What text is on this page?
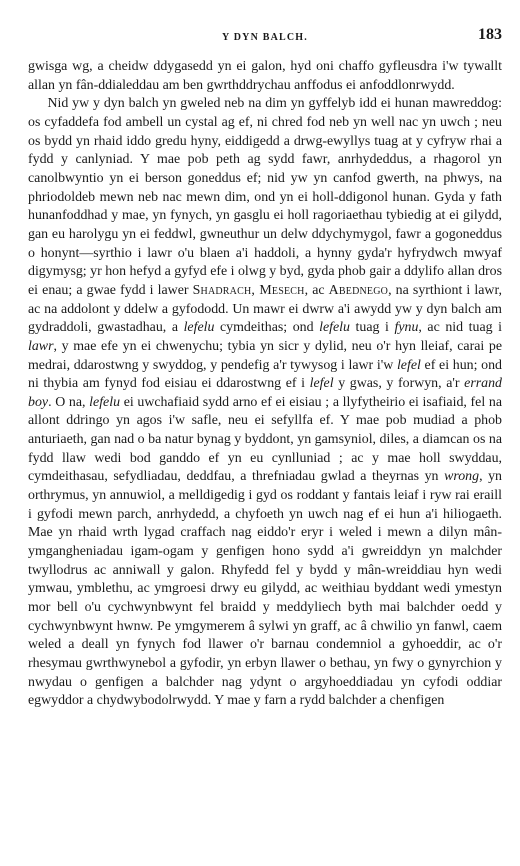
Y DYN BALCH.	183

gwisga wg, a cheidw ddygasedd yn ei galon, hyd oni chaffo gyfleusdra i'w tywallt allan yn fân-ddialeddau am ben gwrthddrychau anffodus ei anfoddlonrwydd.

Nid yw y dyn balch yn gweled neb na dim yn gyffelyb idd ei hunan mawreddog: os cyfaddefa fod ambell un cystal ag ef, ni chred fod neb yn well nac yn uwch ; neu os bydd yn rhaid iddo gredu hyny, eiddigedd a drwg-ewyllys tuag at y cyfryw rhai a fydd y canlyniad. Y mae pob peth ag sydd fawr, anrhydeddus, a rhagorol yn canolbwyntio yn ei berson goneddus ef; nid yw yn canfod gwerth, na phwys, na phriodoldeb mewn neb nac mewn dim, ond yn ei holl-ddigonol hunan. Gyda y fath hunanfoddhad y mae, yn fynych, yn gasglu ei holl ragoriaethau tybiedig at ei gilydd, gan eu harolygu yn ei feddwl, gwneuthur un delw ddychymygol, fawr a gogoneddus o honynt—syrthio i lawr o'u blaen a'i haddoli, a hynny gyda'r hyfrydwch mwyaf digymysg; yr hon hefyd a gyfyd efe i olwg y byd, gyda phob gair a ddylifo allan dros ei enau; a gwae fydd i lawer Shadrach, Mesech, ac Abednego, na syrthiont i lawr, ac na addolont y ddelw a gyfododd. Un mawr ei dwrw a'i awydd yw y dyn balch am gydraddoli, gwastadhau, a lefelu cymdeithas; ond lefelu tuag i fynu, ac nid tuag i lawr, y mae efe yn ei chwenychu; tybia yn sicr y dylid, neu o'r hyn lleiaf, carai pe medrai, ddarostwng y swyddog, y pendefig a'r tywysog i lawr i'w lefel ef ei hun; ond ni thybia am fynyd fod eisiau ei ddarostwng ef i lefel y gwas, y forwyn, a'r errand boy. O na, lefelu ei uwchafiaid sydd arno ef ei eisiau ; a llyfytheirio ei isafiaid, fel na allont ddringo yn agos i'w safle, neu ei sefyllfa ef. Y mae pob mudiad a phob anturiaeth, gan nad o ba natur bynag y byddont, yn gamsyniol, diles, a diamcan os na fydd llaw wedi bod ganddo ef yn eu cynlluniad ; ac y mae holl swyddau, cymdeithasau, sefydliadau, deddfau, a threfniadau gwlad a theyrnas yn wrong, yn orthrymus, yn annuwiol, a melldigedig i gyd os roddant y fantais leiaf i ryw rai eraill i gyfodi mewn parch, anrhydedd, a chyfoeth yn uwch nag ef ei hun a'i hiliogaeth. Mae yn rhaid wrth lygad craffach nag eiddo'r eryr i weled i mewn a dilyn mân-ymgangheniadau igam-ogam y genfigen hono sydd a'i gwreiddyn yn malchder twyllodrus ac anniwall y galon. Rhyfedd fel y bydd y mân-wreiddiau hyn wedi ymwau, ymblethu, ac ymgroesi drwy eu gilydd, ac weithiau byddant wedi ymestyn mor bell o'u cychwynbwynt fel braidd y meddyliech byth mai balchder oedd y cychwynbwynt hwnw. Pe ymgymerem â sylwi yn graff, ac â chwilio yn fanwl, caem weled a deall yn fynych fod llawer o'r barnau condemniol a gyhoeddir, ac o'r rhesymau gwrthwynebol a gyfodir, yn erbyn llawer o bethau, yn fwy o gynyrchion y nwydau o genfigen a balchder nag ydynt o argyhoeddiadau yn cyfodi oddiar egwyddor a chydwybodolrwydd. Y mae y farn a rydd balchder a chenfigen
